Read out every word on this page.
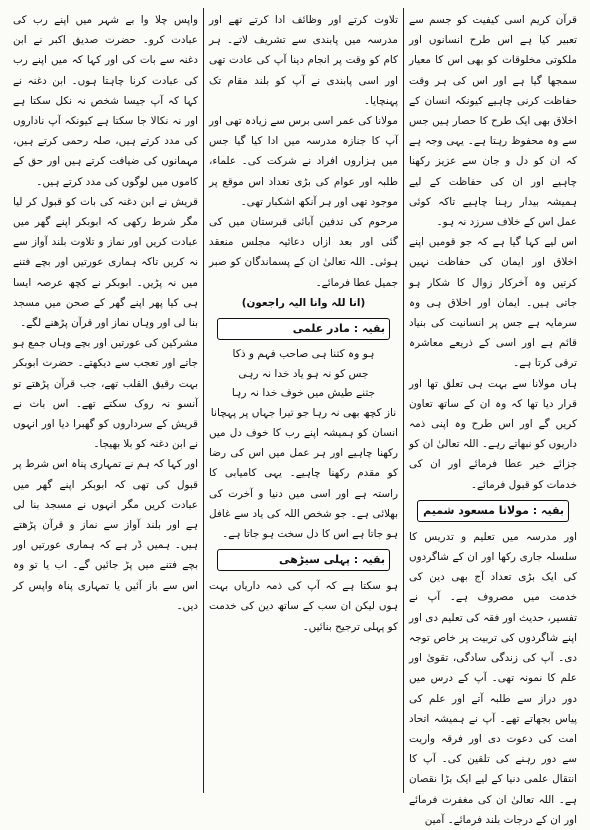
قرآن کریم اسی کیفیت کو جسم سے تعبیر کیا ہے اس طرح انسانوں اور ملکوتی مخلوقات کو بھی اس کا معیار سمجھا گیا ہے اور اس کی ہر وقت حفاظت کرنی چاہیے کیونکہ انسان کے اخلاق بھی ایک طرح کا حصار ہیں جس سے وہ محفوظ رہتا ہے۔ یہی وجہ ہے کہ ان کو دل و جان سے عزیز رکھنا چاہیے اور ان کی حفاظت کے لیے ہمیشہ بیدار رہنا چاہیے تاکہ کوئی عمل اس کے خلاف سرزد نہ ہو۔

اس لیے کہا گیا ہے کہ جو قومیں اپنے اخلاق اور ایمان کی حفاظت نہیں کرتیں وہ آخرکار زوال کا شکار ہو جاتی ہیں۔ ایمان اور اخلاق ہی وہ سرمایہ ہے جس پر انسانیت کی بنیاد قائم ہے اور اسی کے ذریعے معاشرہ ترقی کرتا ہے۔

ہاں مولانا سے بہت ہی تعلق تھا اور قرار دیا تھا کہ وہ ان کے ساتھ تعاون کریں گے اور اس طرح وہ اپنی ذمہ داریوں کو نبھاتے رہے۔ اللہ تعالیٰ ان کو جزائے خیر عطا فرمائے اور ان کی خدمات کو قبول فرمائے۔

بقیہ : مولانا مسعود شمیم

اور مدرسہ میں تعلیم و تدریس کا سلسلہ جاری رکھا اور ان کے شاگردوں کی ایک بڑی تعداد آج بھی دین کی خدمت میں مصروف ہے۔ آپ نے تفسیر، حدیث اور فقہ کی تعلیم دی اور اپنے شاگردوں کی تربیت پر خاص توجہ دی۔ آپ کی زندگی سادگی، تقویٰ اور علم کا نمونہ تھی۔ آپ کے درس میں دور دراز سے طلبہ آتے اور علم کی پیاس بجھاتے تھے۔ آپ نے ہمیشہ اتحاد امت کی دعوت دی اور فرقہ واریت سے دور رہنے کی تلقین کی۔ آپ کا انتقال علمی دنیا کے لیے ایک بڑا نقصان ہے۔ اللہ تعالیٰ ان کی مغفرت فرمائے اور ان کے درجات بلند فرمائے۔ آمین

تلاوت کرتے اور وظائف ادا کرتے تھے اور مدرسہ میں پابندی سے تشریف لاتے۔ ہر کام کو وقت پر انجام دینا آپ کی عادت تھی اور اسی پابندی نے آپ کو بلند مقام تک پہنچایا۔

مولانا کی عمر اسی برس سے زیادہ تھی اور آپ کا جنازہ مدرسہ میں ادا کیا گیا جس میں ہزاروں افراد نے شرکت کی۔ علماء، طلبہ اور عوام کی بڑی تعداد اس موقع پر موجود تھی اور ہر آنکھ اشکبار تھی۔

مرحوم کی تدفین آبائی قبرستان میں کی گئی اور بعد ازاں دعائیہ مجلس منعقد ہوئی۔ اللہ تعالیٰ ان کے پسماندگان کو صبر جمیل عطا فرمائے۔

(انا للہ وانا الیہ راجعون)

بقیہ : مادر علمی
ہو وہ کتنا ہی صاحب فہم و ذکا
جس کو نہ ہو یاد خدا نہ رہی
جتنے طیش میں خوف خدا نہ رہا
ناز کچھ بھی نہ رہا جو تیرا جہاں پر پہچانا

انسان کو ہمیشہ اپنے رب کا خوف دل میں رکھنا چاہیے اور ہر عمل میں اس کی رضا کو مقدم رکھنا چاہیے۔ یہی کامیابی کا راستہ ہے اور اسی میں دنیا و آخرت کی بھلائی ہے۔ جو شخص اللہ کی یاد سے غافل ہو جاتا ہے اس کا دل سخت ہو جاتا ہے۔

بقیہ : پہلی سیڑھی

ہو سکتا ہے کہ آپ کی ذمہ داریاں بہت ہوں لیکن ان سب کے ساتھ دین کی خدمت کو پہلی ترجیح بنائیں۔

واپس چلا وا بے شہر میں اپنے رب کی عبادت کرو۔ حضرت صدیق اکبر نے ابن دغنہ سے بات کی اور کہا کہ میں اپنے رب کی عبادت کرنا چاہتا ہوں۔ ابن دغنہ نے کہا کہ آپ جیسا شخص نہ نکل سکتا ہے اور نہ نکالا جا سکتا ہے کیونکہ آپ ناداروں کی مدد کرتے ہیں، صلہ رحمی کرتے ہیں، مہمانوں کی ضیافت کرتے ہیں اور حق کے کاموں میں لوگوں کی مدد کرتے ہیں۔

قریش نے ابن دغنہ کی بات کو قبول کر لیا مگر شرط رکھی کہ ابوبکر اپنے گھر میں عبادت کریں اور نماز و تلاوت بلند آواز سے نہ کریں تاکہ ہماری عورتیں اور بچے فتنے میں نہ پڑیں۔ ابوبکر نے کچھ عرصہ ایسا ہی کیا پھر اپنے گھر کے صحن میں مسجد بنا لی اور وہاں نماز اور قرآن پڑھنے لگے۔

مشرکین کی عورتیں اور بچے وہاں جمع ہو جاتے اور تعجب سے دیکھتے۔ حضرت ابوبکر بہت رقیق القلب تھے، جب قرآن پڑھتے تو آنسو نہ روک سکتے تھے۔ اس بات نے قریش کے سرداروں کو گھبرا دیا اور انہوں نے ابن دغنہ کو بلا بھیجا۔

اور کہا کہ ہم نے تمہاری پناہ اس شرط پر قبول کی تھی کہ ابوبکر اپنے گھر میں عبادت کریں مگر انہوں نے مسجد بنا لی ہے اور بلند آواز سے نماز و قرآن پڑھتے ہیں۔ ہمیں ڈر ہے کہ ہماری عورتیں اور بچے فتنے میں پڑ جائیں گے۔ اب یا تو وہ اس سے باز آئیں یا تمہاری پناہ واپس کر دیں۔
